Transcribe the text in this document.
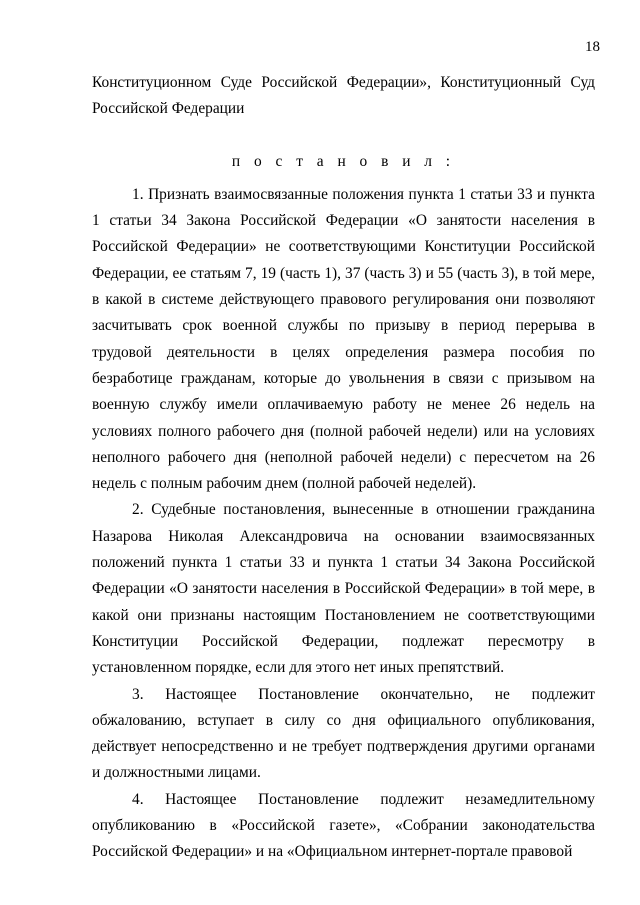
18

Конституционном Суде Российской Федерации», Конституционный Суд Российской Федерации

п о с т а н о в и л :

1. Признать взаимосвязанные положения пункта 1 статьи 33 и пункта 1 статьи 34 Закона Российской Федерации «О занятости населения в Российской Федерации» не соответствующими Конституции Российской Федерации, ее статьям 7, 19 (часть 1), 37 (часть 3) и 55 (часть 3), в той мере, в какой в системе действующего правового регулирования они позволяют засчитывать срок военной службы по призыву в период перерыва в трудовой деятельности в целях определения размера пособия по безработице гражданам, которые до увольнения в связи с призывом на военную службу имели оплачиваемую работу не менее 26 недель на условиях полного рабочего дня (полной рабочей недели) или на условиях неполного рабочего дня (неполной рабочей недели) с пересчетом на 26 недель с полным рабочим днем (полной рабочей неделей).

2. Судебные постановления, вынесенные в отношении гражданина Назарова Николая Александровича на основании взаимосвязанных положений пункта 1 статьи 33 и пункта 1 статьи 34 Закона Российской Федерации «О занятости населения в Российской Федерации» в той мере, в какой они признаны настоящим Постановлением не соответствующими Конституции Российской Федерации, подлежат пересмотру в установленном порядке, если для этого нет иных препятствий.

3. Настоящее Постановление окончательно, не подлежит обжалованию, вступает в силу со дня официального опубликования, действует непосредственно и не требует подтверждения другими органами и должностными лицами.

4. Настоящее Постановление подлежит незамедлительному опубликованию в «Российской газете», «Собрании законодательства Российской Федерации» и на «Официальном интернет-портале правовой
